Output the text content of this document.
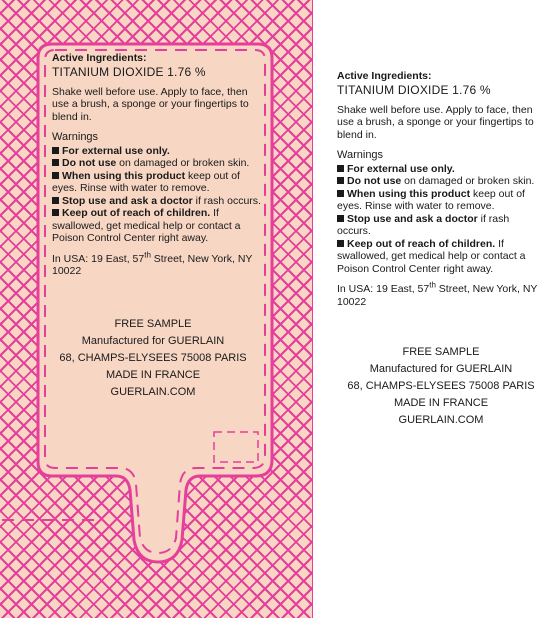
Active Ingredients:
TITANIUM DIOXIDE 1.76 %
Shake well before use. Apply to face, then use a brush, a sponge or your fingertips to blend in.
Warnings
For external use only.
Do not use on damaged or broken skin.
When using this product keep out of eyes. Rinse with water to remove.
Stop use and ask a doctor if rash occurs.
Keep out of reach of children. If swallowed, get medical help or contact a Poison Control Center right away.
In USA: 19 East, 57th Street, New York, NY 10022
FREE SAMPLE
Manufactured for GUERLAIN
68, CHAMPS-ELYSEES 75008 PARIS
MADE IN FRANCE
GUERLAIN.COM
Active Ingredients:
TITANIUM DIOXIDE 1.76 %
Shake well before use. Apply to face, then use a brush, a sponge or your fingertips to blend in.
Warnings
For external use only.
Do not use on damaged or broken skin.
When using this product keep out of eyes. Rinse with water to remove.
Stop use and ask a doctor if rash occurs.
Keep out of reach of children. If swallowed, get medical help or contact a Poison Control Center right away.
In USA: 19 East, 57th Street, New York, NY 10022
FREE SAMPLE
Manufactured for GUERLAIN
68, CHAMPS-ELYSEES 75008 PARIS
MADE IN FRANCE
GUERLAIN.COM
